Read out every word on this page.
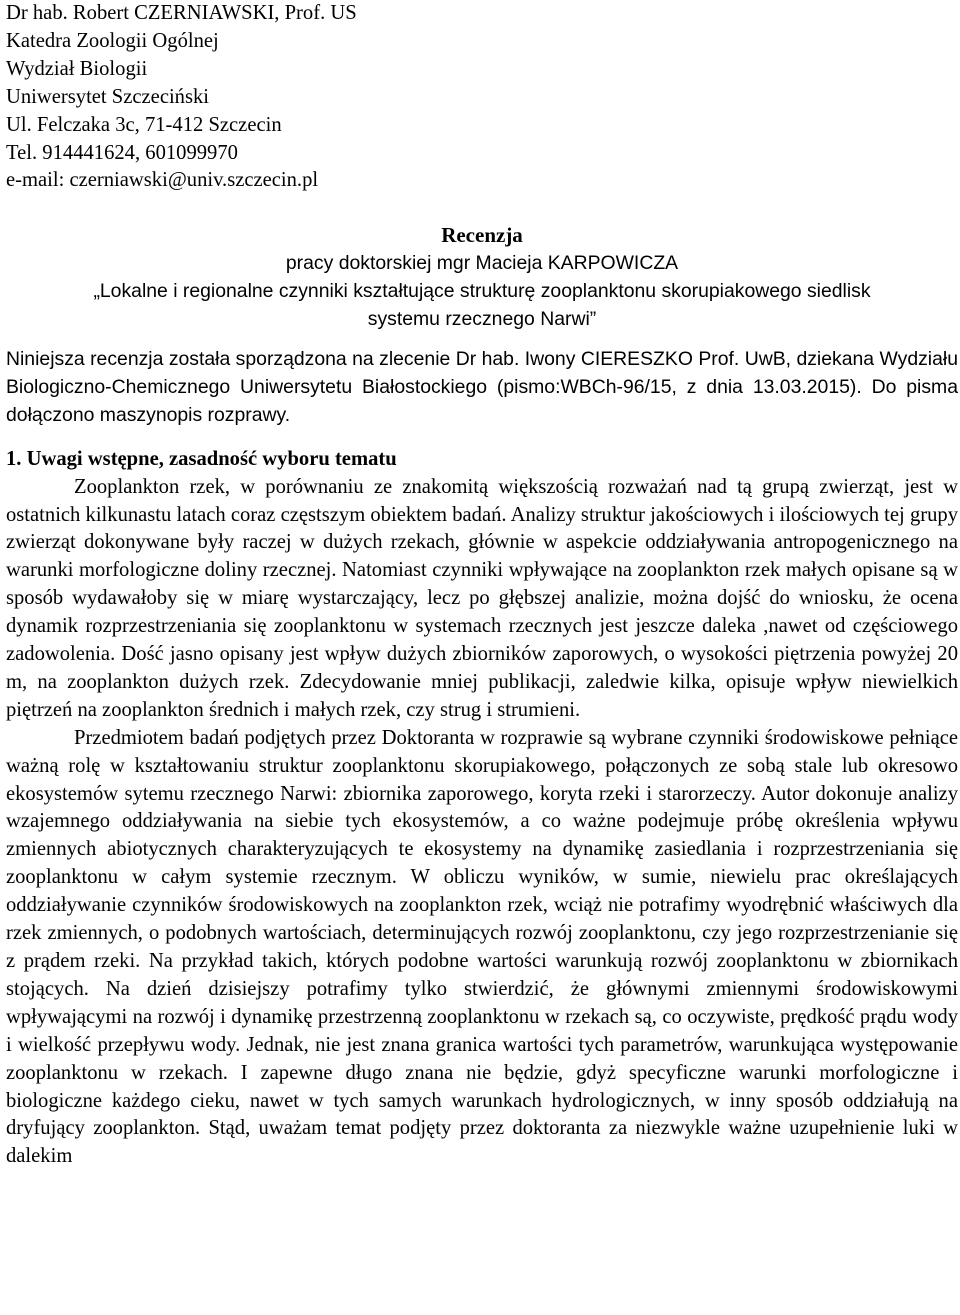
Dr hab. Robert CZERNIAWSKI, Prof. US
Katedra Zoologii Ogólnej
Wydział Biologii
Uniwersytet Szczeciński
Ul. Felczaka 3c, 71-412 Szczecin
Tel. 914441624, 601099970
e-mail: czerniawski@univ.szczecin.pl
Recenzja
pracy doktorskiej mgr Macieja KARPOWICZA
„Lokalne i regionalne czynniki kształtujące strukturę zooplanktonu skorupiakowego siedlisk
systemu rzecznego Narwi”
Niniejsza recenzja została sporządzona na zlecenie Dr hab. Iwony CIERESZKO Prof. UwB, dziekana Wydziału Biologiczno-Chemicznego Uniwersytetu Białostockiego (pismo:WBCh-96/15, z dnia 13.03.2015). Do pisma dołączono maszynopis rozprawy.
1. Uwagi wstępne, zasadność wyboru tematu
Zooplankton rzek, w porównaniu ze znakomitą większością rozważań nad tą grupą zwierząt, jest w ostatnich kilkunastu latach coraz częstszym obiektem badań. Analizy struktur jakościowych i ilościowych tej grupy zwierząt dokonywane były raczej w dużych rzekach, głównie w aspekcie oddziaływania antropogenicznego na warunki morfologiczne doliny rzecznej. Natomiast czynniki wpływające na zooplankton rzek małych opisane są w sposób wydawałoby się w miarę wystarczający, lecz po głębszej analizie, można dojść do wniosku, że ocena dynamik rozprzestrzeniania się zooplanktonu w systemach rzecznych jest jeszcze daleka ,nawet od częściowego zadowolenia. Dość jasno opisany jest wpływ dużych zbiorników zaporowych, o wysokości piętrzenia powyżej 20 m, na zooplankton dużych rzek. Zdecydowanie mniej publikacji, zaledwie kilka, opisuje wpływ niewielkich piętrzeń na zooplankton średnich i małych rzek, czy strug i strumieni.
Przedmiotem badań podjętych przez Doktoranta w rozprawie są wybrane czynniki środowiskowe pełniące ważną rolę w kształtowaniu struktur zooplanktonu skorupiakowego, połączonych ze sobą stale lub okresowo ekosystemów sytemu rzecznego Narwi: zbiornika zaporowego, koryta rzeki i starorzeczy. Autor dokonuje analizy wzajemnego oddziaływania na siebie tych ekosystemów, a co ważne podejmuje próbę określenia wpływu zmiennych abiotycznych charakteryzujących te ekosystemy na dynamikę zasiedlania i rozprzestrzeniania się zooplanktonu w całym systemie rzecznym. W obliczu wyników, w sumie, niewielu prac określających oddziaływanie czynników środowiskowych na zooplankton rzek, wciąż nie potrafimy wyodrębnić właściwych dla rzek zmiennych, o podobnych wartościach, determinujących rozwój zooplanktonu, czy jego rozprzestrzenianie się z prądem rzeki. Na przykład takich, których podobne wartości warunkują rozwój zooplanktonu w zbiornikach stojących. Na dzień dzisiejszy potrafimy tylko stwierdzić, że głównymi zmiennymi środowiskowymi wpływającymi na rozwój i dynamikę przestrzenną zooplanktonu w rzekach są, co oczywiste, prędkość prądu wody i wielkość przepływu wody. Jednak, nie jest znana granica wartości tych parametrów, warunkująca występowanie zooplanktonu w rzekach. I zapewne długo znana nie będzie, gdyż specyficzne warunki morfologiczne i biologiczne każdego cieku, nawet w tych samych warunkach hydrologicznych, w inny sposób oddziałują na dryfujący zooplankton. Stąd, uważam temat podjęty przez doktoranta za niezwykle ważne uzupełnienie luki w dalekim
